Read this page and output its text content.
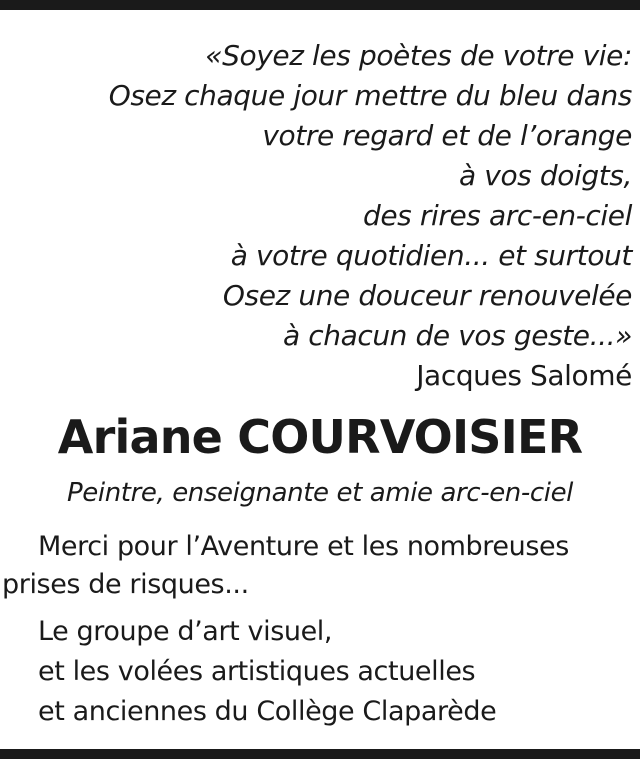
«Soyez les poètes de votre vie:
Osez chaque jour mettre du bleu dans
votre regard et de l’orange
à vos doigts,
des rires arc-en-ciel
à votre quotidien... et surtout
Osez une douceur renouvelée
à chacun de vos geste...»
Jacques Salomé
Ariane COURVOISIER
Peintre, enseignante et amie arc-en-ciel
Merci pour l’Aventure et les nombreuses
prises de risques...
Le groupe d’art visuel,
et les volées artistiques actuelles
et anciennes du Collège Claparède
